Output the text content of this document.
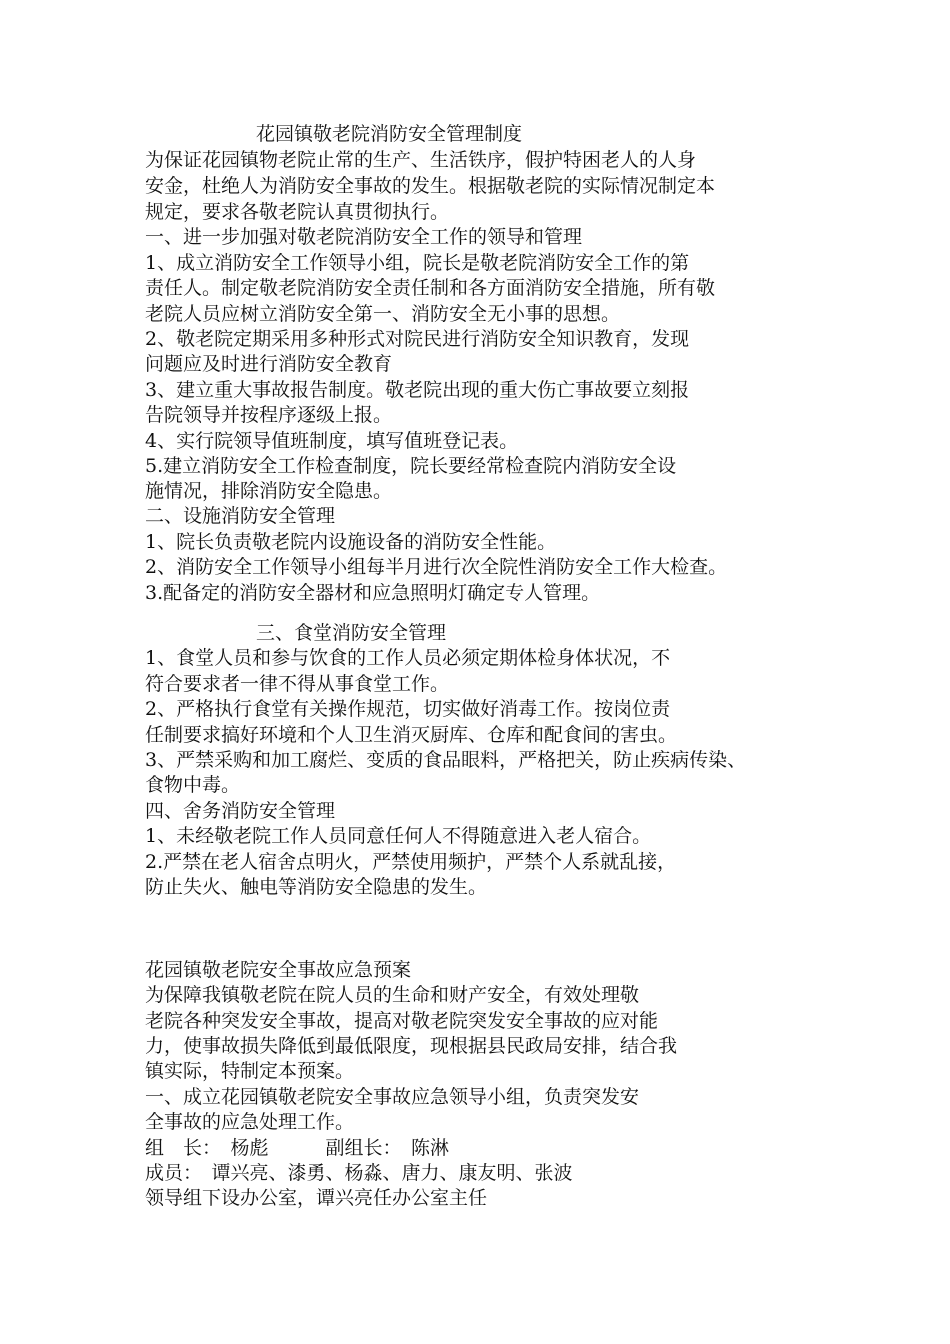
花园镇敬老院消防安全管理制度
为保证花园镇物老院止常的生产、生活铁序，假护特困老人的人身
安金，杜绝人为消防安全事故的发生。根据敬老院的实际情况制定本
规定，要求各敬老院认真贯彻执行。
一、进一步加强对敬老院消防安全工作的领导和管理
1、成立消防安全工作领导小组，院长是敬老院消防安全工作的第
责任人。制定敬老院消防安全责任制和各方面消防安全措施，所有敬
老院人员应树立消防安全第一、消防安全无小事的思想。
2、敬老院定期采用多种形式对院民进行消防安全知识教育，发现
问题应及时进行消防安全教育
3、建立重大事故报告制度。敬老院出现的重大伤亡事故要立刻报
告院领导并按程序逐级上报。
4、实行院领导值班制度，填写值班登记表。
5.建立消防安全工作检查制度，院长要经常检查院内消防安全设
施情况，排除消防安全隐患。
二、设施消防安全管理
1、院长负责敬老院内设施设备的消防安全性能。
2、消防安全工作领导小组每半月进行次全院性消防安全工作大检查。
3.配备定的消防安全器材和应急照明灯确定专人管理。
三、食堂消防安全管理
1、食堂人员和参与饮食的工作人员必须定期体检身体状况，不
符合要求者一律不得从事食堂工作。
2、严格执行食堂有关操作规范，切实做好消毒工作。按岗位责
任制要求搞好环境和个人卫生消灭厨库、仓库和配食间的害虫。
3、严禁采购和加工腐烂、变质的食品眼料，严格把关，防止疾病传染、
食物中毒。
四、舍务消防安全管理
1、未经敬老院工作人员同意任何人不得随意进入老人宿合。
2.严禁在老人宿舍点明火，严禁使用频护，严禁个人系就乱接，
防止失火、触电等消防安全隐患的发生。
花园镇敬老院安全事故应急预案
为保障我镇敬老院在院人员的生命和财产安全，有效处理敬
老院各种突发安全事故，提高对敬老院突发安全事故的应对能
力，使事故损失降低到最低限度，现根据县民政局安排，结合我
镇实际，特制定本预案。
一、成立花园镇敬老院安全事故应急领导小组，负责突发安
全事故的应急处理工作。
组　长：　杨彪　　　副组长：　陈淋
成员：　谭兴亮、漆勇、杨淼、唐力、康友明、张波
领导组下设办公室，谭兴亮任办公室主任
